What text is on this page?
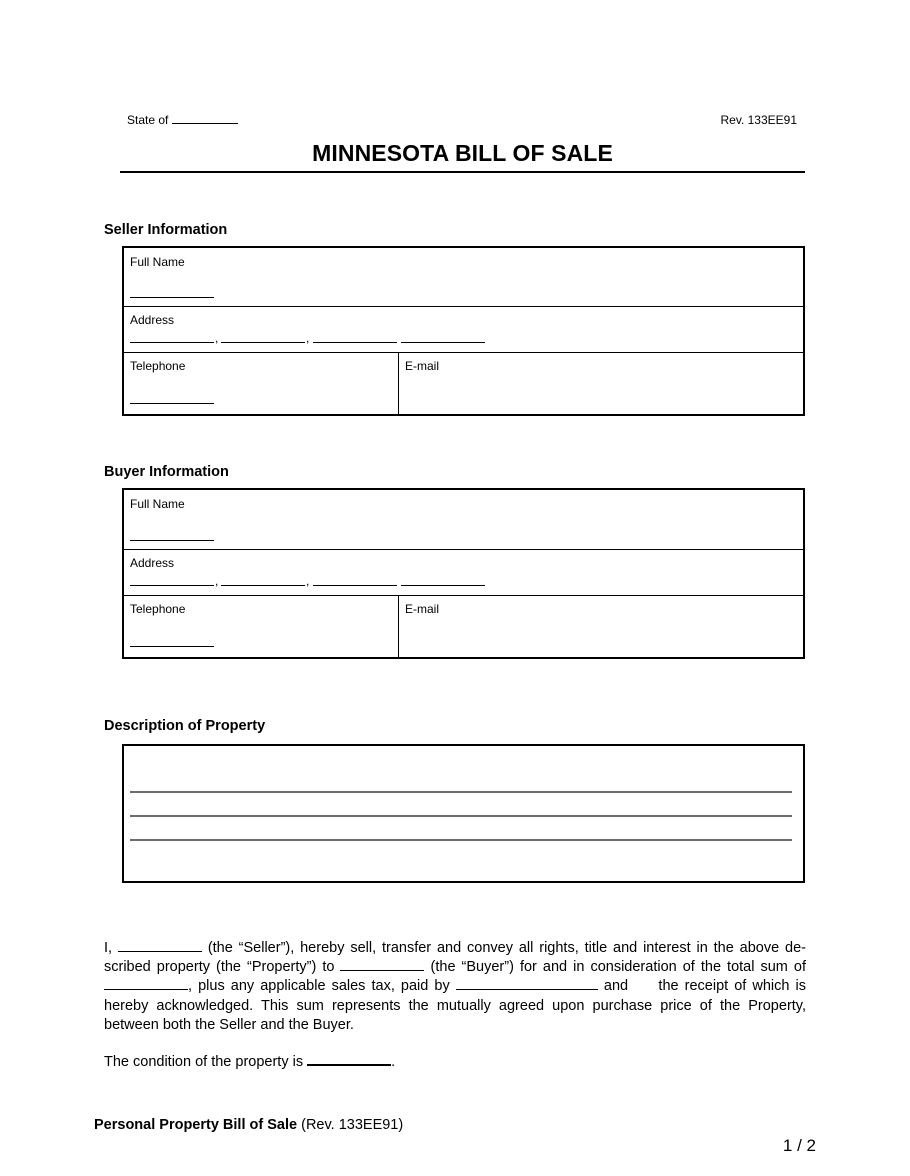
State of	Rev. 133EE91
MINNESOTA BILL OF SALE
Seller Information
Full Name
Address
,	,
Telephone	E-mail
Buyer Information
Full Name
Address
,	,
Telephone	E-mail
Description of Property
I,	(the “Seller”), hereby sell, transfer and convey all rights, title and interest in the above de-scribed property (the “Property”) to	(the “Buyer”) for and in consideration of the total sum of , plus any applicable sales tax, paid by	and     the receipt of which is hereby acknowledged. This sum represents the mutually agreed upon purchase price of the Property, between both the Seller and the Buyer.
The condition of the property is	.
Personal Property Bill of Sale (Rev. 133EE91)
1 / 2
